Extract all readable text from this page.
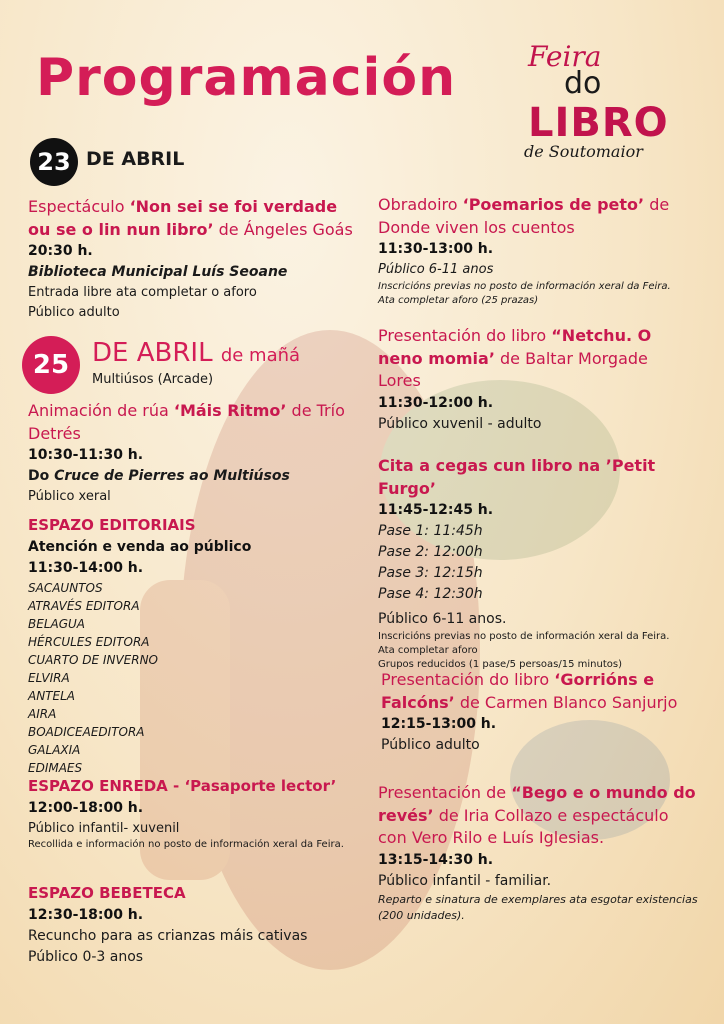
Programación	Feira
do
LIBRO
de Soutomaior
23 DE ABRIL
Espectáculo ‘Non sei se foi verdade ou se o lin nun libro’ de Ángeles Goás
20:30 h.
Biblioteca Municipal Luís Seoane
Entrada libre ata completar o aforo
Público adulto
25 DE ABRIL de mañá
Multiúsos (Arcade)
Animación de rúa ‘Máis Ritmo’ de Trío Detrés
10:30-11:30 h.
Do Cruce de Pierres ao Multiúsos
Público xeral
ESPAZO EDITORIAIS
Atención e venda ao público
11:30-14:00 h.
SACAUNTOS
ATRAVÉS EDITORA
BELAGUA
HÉRCULES EDITORA
CUARTO DE INVERNO
ELVIRA
ANTELA
AIRA
BOADICEAEDITORA
GALAXIA
EDIMAES
ESPAZO ENREDA - ‘Pasaporte lector’
12:00-18:00 h.
Público infantil- xuvenil
Recollida e información no posto de información xeral da Feira.
ESPAZO BEBETECA
12:30-18:00 h.
Recuncho para as crianzas máis cativas
Público 0-3 anos
Obradoiro ‘Poemarios de peto’ de Donde viven los cuentos
11:30-13:00 h.
Público 6-11 anos
Inscricións previas no posto de información xeral da Feira.
Ata completar aforo (25 prazas)
Presentación do libro “Netchu. O neno momia’ de Baltar Morgade Lores
11:30-12:00 h.
Público xuvenil - adulto
Cita a cegas cun libro na ’Petit Furgo’
11:45-12:45 h.
Pase 1: 11:45h
Pase 2: 12:00h
Pase 3: 12:15h
Pase 4: 12:30h
Público 6-11 anos.
Inscricións previas no posto de información xeral da Feira.
Ata completar aforo
Grupos reducidos (1 pase/5 persoas/15 minutos)
Presentación do libro ‘Gorrións e Falcóns’ de Carmen Blanco Sanjurjo
12:15-13:00 h.
Público adulto
Presentación de “Bego e o mundo do revés’ de Iria Collazo e espectáculo con Vero Rilo e Luís Iglesias.
13:15-14:30 h.
Público infantil - familiar.
Reparto e sinatura de exemplares ata esgotar existencias (200 unidades).
